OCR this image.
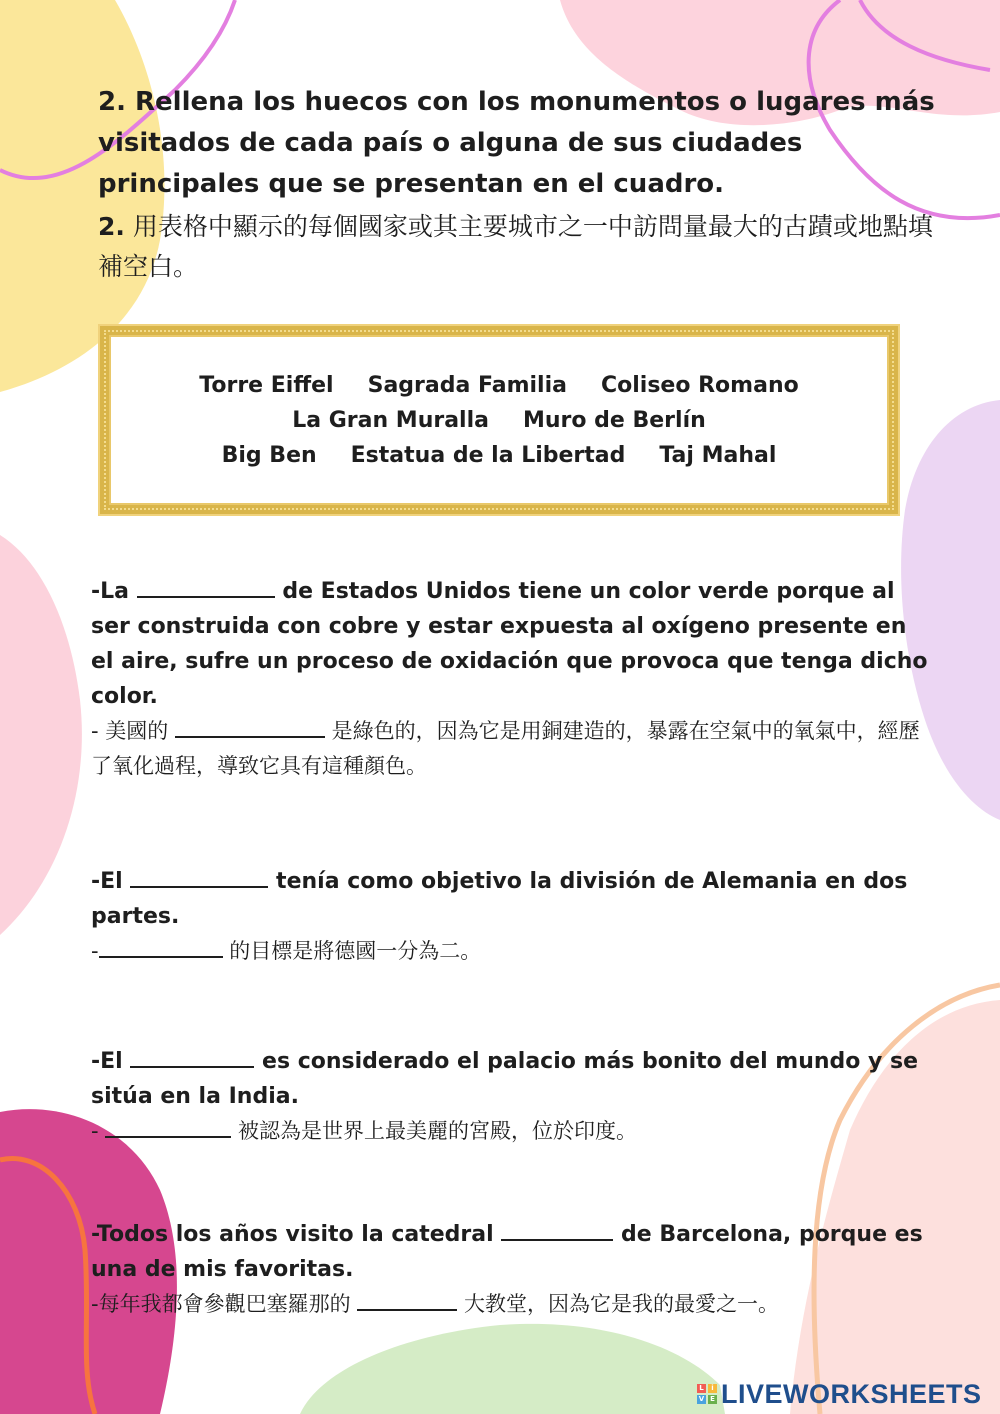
2. Rellena los huecos con los monumentos o lugares más visitados de cada país o alguna de sus ciudades principales que se presentan en el cuadro.
2. 用表格中顯示的每個國家或其主要城市之一中訪問量最大的古蹟或地點填補空白。
Torre Eiffel Sagrada Familia Coliseo Romano
La Gran Muralla Muro de Berlín
Big Ben Estatua de la Libertad Taj Mahal

-La	de Estados Unidos tiene un color verde porque al ser construida con cobre y estar expuesta al oxígeno presente en el aire, sufre un proceso de oxidación que provoca que tenga dicho color.

- 美國的	是綠色的，因為它是用銅建造的，暴露在空氣中的氧氣中，經歷了氧化過程，導致它具有這種顏色。

-El	tenía como objetivo la división de Alemania en dos partes.

-	的目標是將德國一分為二。

-El	es considerado el palacio más bonito del mundo y se sitúa en la India.

-	被認為是世界上最美麗的宮殿，位於印度。

-Todos los años visito la catedral	de Barcelona, porque es una de mis favoritas.

-每年我都會參觀巴塞羅那的	大教堂，因為它是我的最愛之一。

L	i
V E LIVEWORKSHEETS
